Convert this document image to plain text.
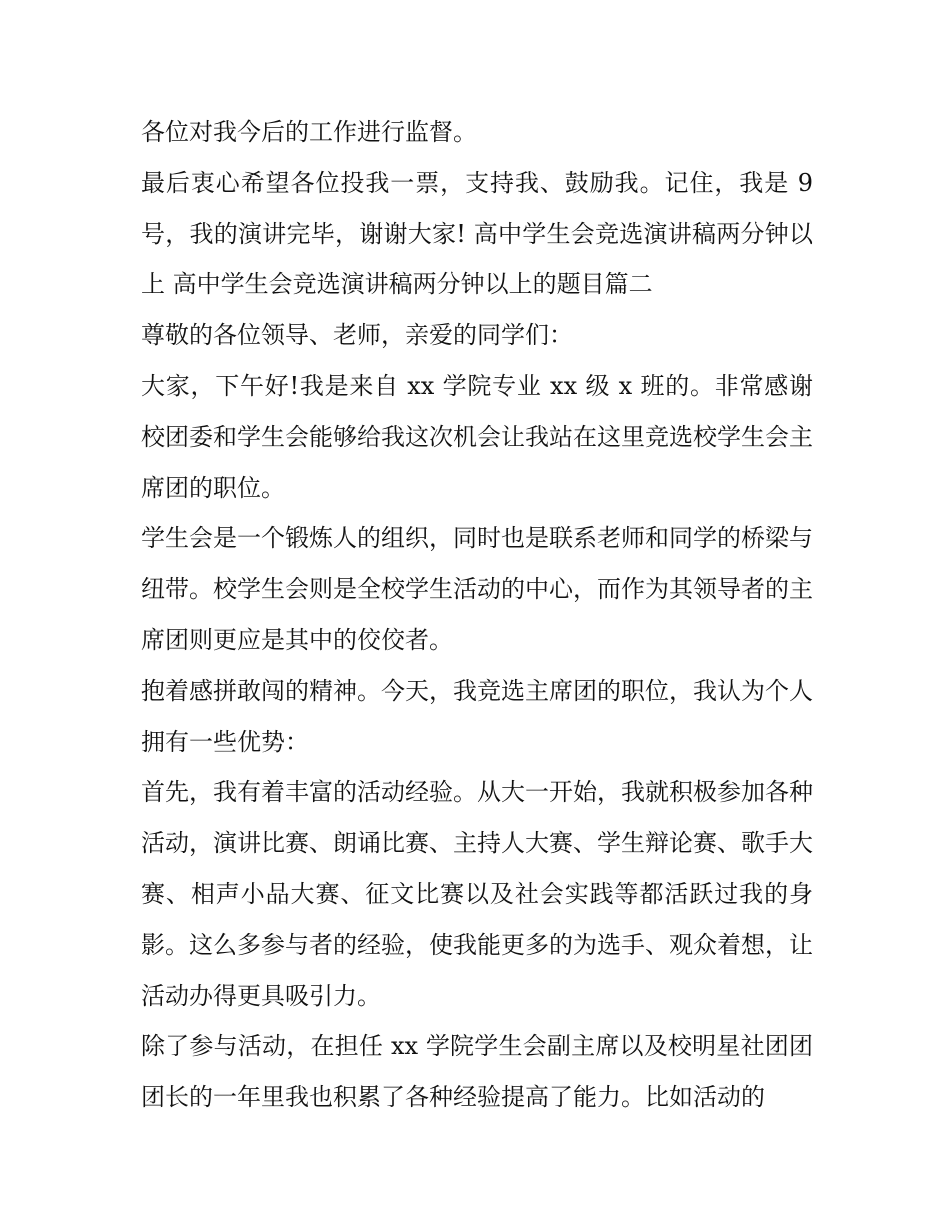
各位对我今后的工作进行监督。

最后衷心希望各位投我一票，支持我、鼓励我。记住，我是 9 号，我的演讲完毕，谢谢大家! 高中学生会竞选演讲稿两分钟以上 高中学生会竞选演讲稿两分钟以上的题目篇二

尊敬的各位领导、老师，亲爱的同学们：

大家，下午好!我是来自 xx 学院专业 xx 级 x 班的。非常感谢校团委和学生会能够给我这次机会让我站在这里竞选校学生会主席团的职位。

学生会是一个锻炼人的组织，同时也是联系老师和同学的桥梁与纽带。校学生会则是全校学生活动的中心，而作为其领导者的主席团则更应是其中的佼佼者。

抱着感拼敢闯的精神。今天，我竞选主席团的职位，我认为个人拥有一些优势：

首先，我有着丰富的活动经验。从大一开始，我就积极参加各种活动，演讲比赛、朗诵比赛、主持人大赛、学生辩论赛、歌手大赛、相声小品大赛、征文比赛以及社会实践等都活跃过我的身影。这么多参与者的经验，使我能更多的为选手、观众着想，让活动办得更具吸引力。

除了参与活动，在担任 xx 学院学生会副主席以及校明星社团团团长的一年里我也积累了各种经验提高了能力。比如活动的
